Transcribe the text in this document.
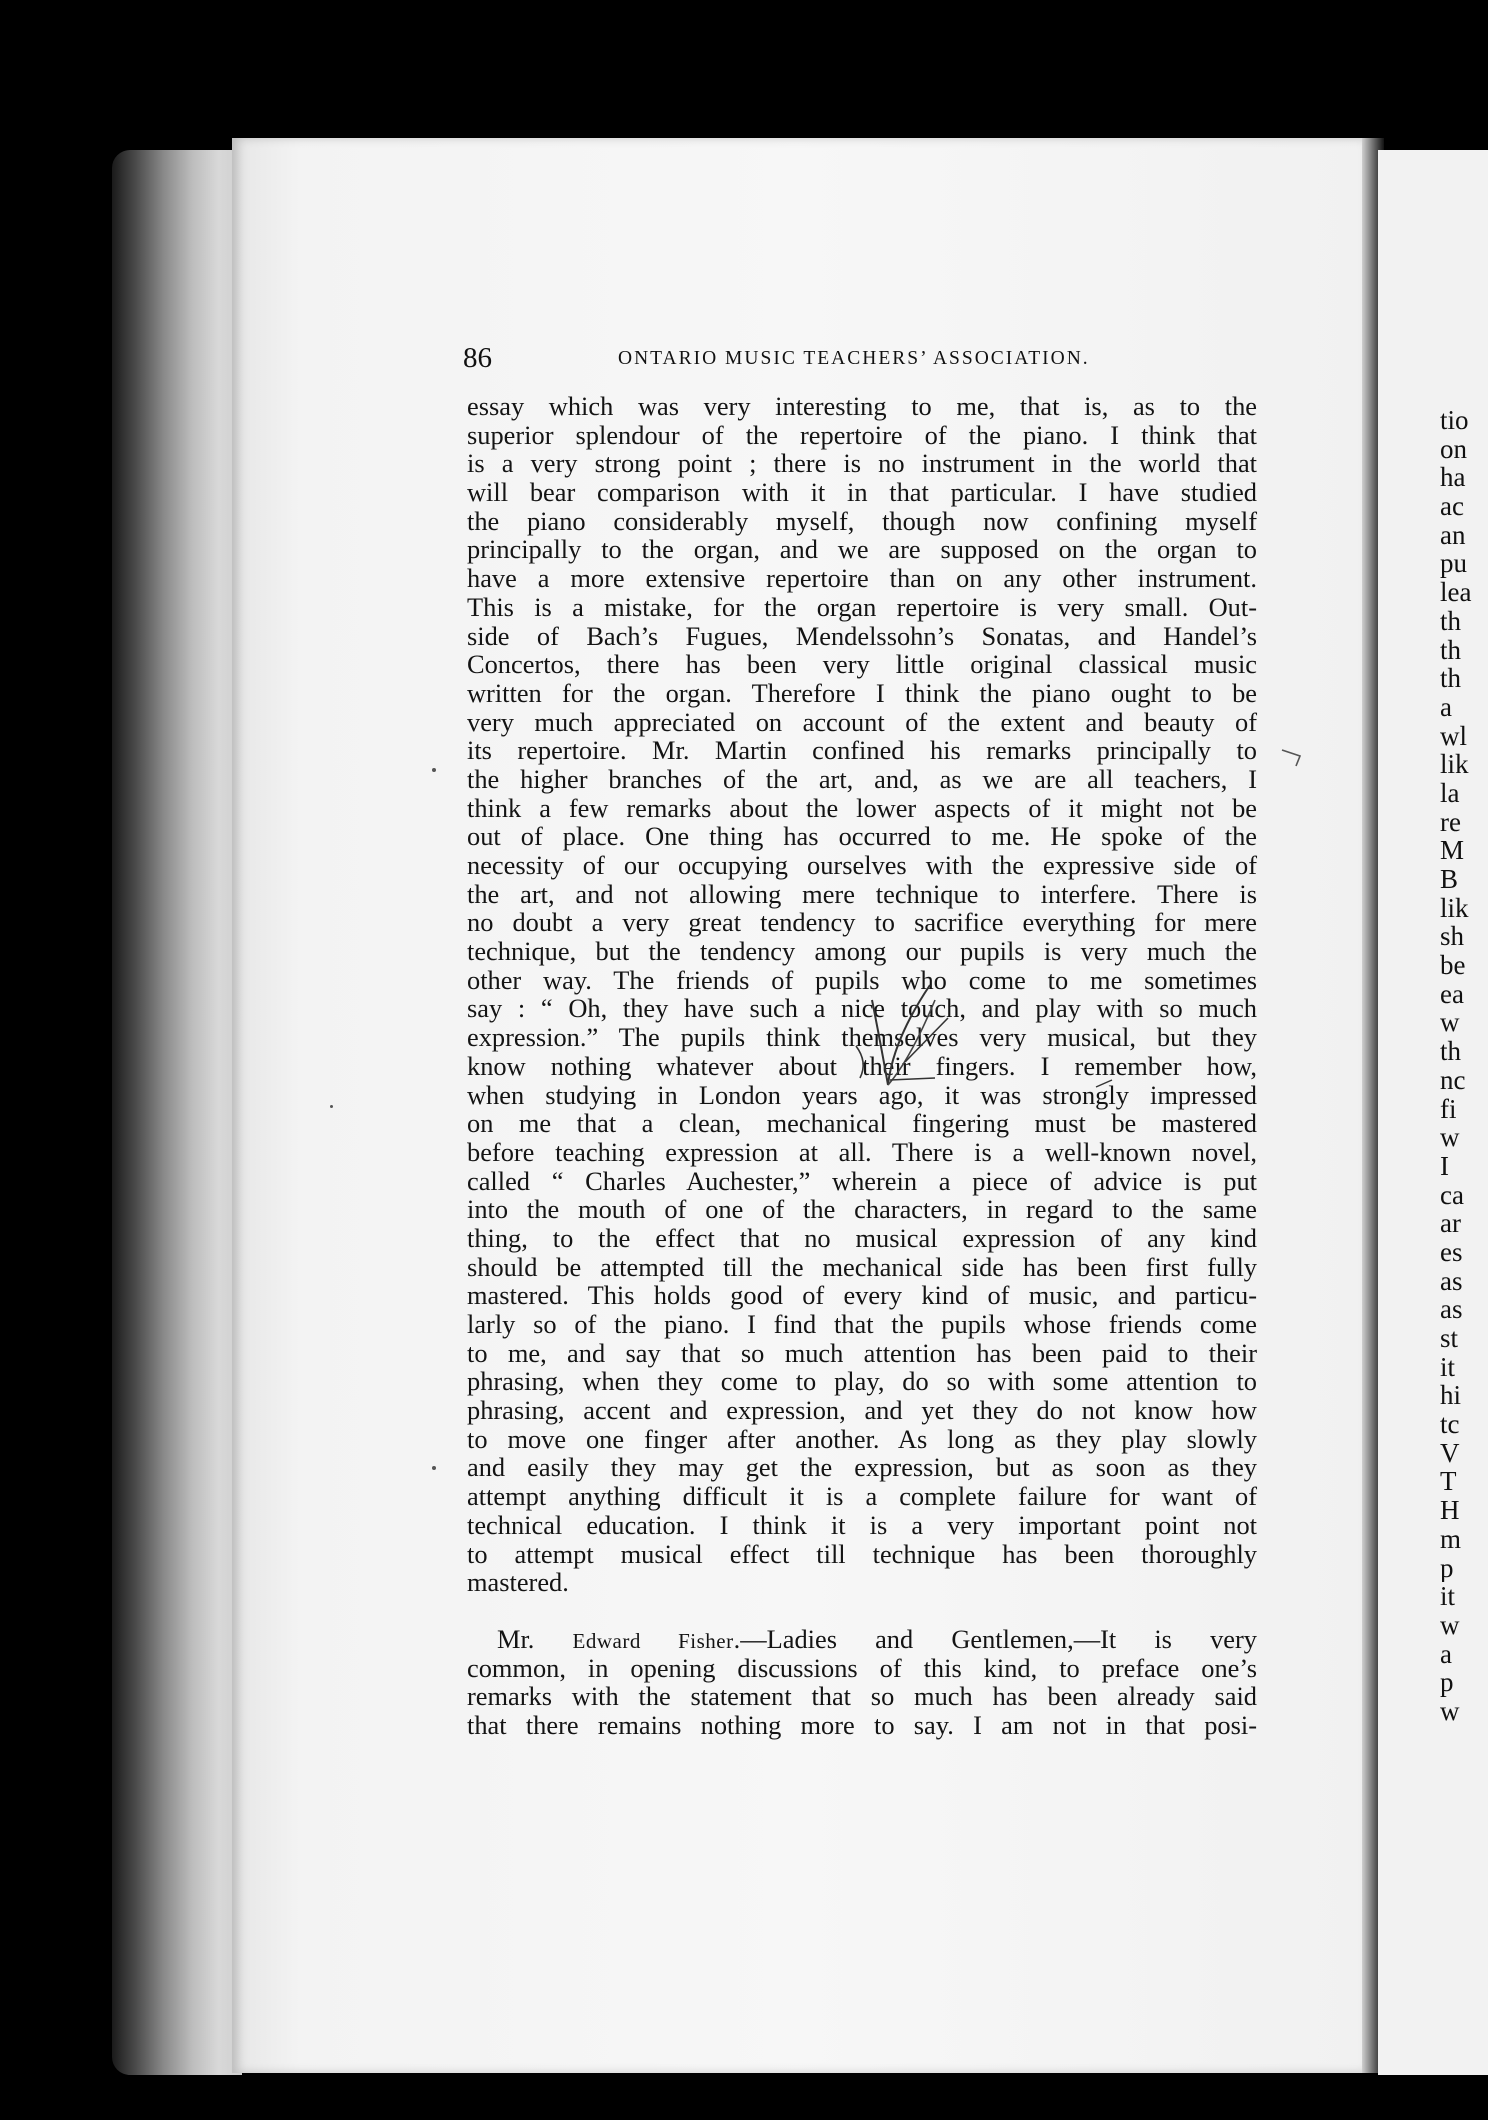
tio
on
ha
ac
an
pu
lea
th
th
th
a
wl
lik
la
re
M
B
lik
sh
be
ea
w
th
nc
fi
w
I
ca
ar
es
as
as
st
it
hi
tc
V
T
H
m
p
it
w
a
p
w
86	ONTARIO MUSIC TEACHERS’ ASSOCIATION.
essay which was very interesting to me, that is, as to the
superior splendour of the repertoire of the piano. I think that
is a very strong point ; there is no instrument in the world that
will bear comparison with it in that particular. I have studied
the piano considerably myself, though now confining myself
principally to the organ, and we are supposed on the organ to
have a more extensive repertoire than on any other instrument.
This is a mistake, for the organ repertoire is very small. Out-
side of Bach’s Fugues, Mendelssohn’s Sonatas, and Handel’s
Concertos, there has been very little original classical music
written for the organ. Therefore I think the piano ought to be
very much appreciated on account of the extent and beauty of
its repertoire. Mr. Martin confined his remarks principally to
the higher branches of the art, and, as we are all teachers, I
think a few remarks about the lower aspects of it might not be
out of place. One thing has occurred to me. He spoke of the
necessity of our occupying ourselves with the expressive side of
the art, and not allowing mere technique to interfere. There is
no doubt a very great tendency to sacrifice everything for mere
technique, but the tendency among our pupils is very much the
other way. The friends of pupils who come to me sometimes
say : “ Oh, they have such a nice touch, and play with so much
expression.” The pupils think themselves very musical, but they
know nothing whatever about their fingers. I remember how,
when studying in London years ago, it was strongly impressed
on me that a clean, mechanical fingering must be mastered
before teaching expression at all. There is a well-known novel,
called “ Charles Auchester,” wherein a piece of advice is put
into the mouth of one of the characters, in regard to the same
thing, to the effect that no musical expression of any kind
should be attempted till the mechanical side has been first fully
mastered. This holds good of every kind of music, and particu-
larly so of the piano. I find that the pupils whose friends come
to me, and say that so much attention has been paid to their
phrasing, when they come to play, do so with some attention to
phrasing, accent and expression, and yet they do not know how
to move one finger after another. As long as they play slowly
and easily they may get the expression, but as soon as they
attempt anything difficult it is a complete failure for want of
technical education. I think it is a very important point not
to attempt musical effect till technique has been thoroughly
mastered.
Mr. Edward Fisher.—Ladies and Gentlemen,—It is very
common, in opening discussions of this kind, to preface one’s
remarks with the statement that so much has been already said
that there remains nothing more to say. I am not in that posi-
